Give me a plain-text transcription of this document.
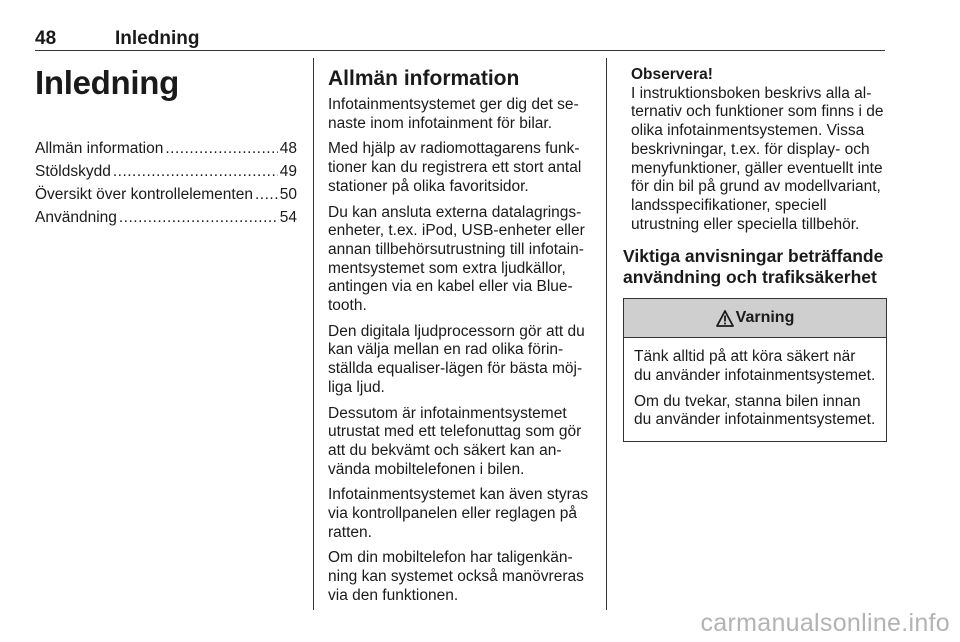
48	Inledning
Inledning
Allmän information .....	48
Stöldskydd .....	49
Översikt över kontrollelementen ..... 50
Användning .....	54
Allmän information

Infotainmentsystemet ger dig det senaste inom infotainment för bilar.

Med hjälp av radiomottagarens funktioner kan du registrera ett stort antal stationer på olika favoritsidor.

Du kan ansluta externa datalagringsenheter, t.ex. iPod, USB-enheter eller annan tillbehörsutrustning till infotainmentsystemet som extra ljudkällor, antingen via en kabel eller via Bluetooth.

Den digitala ljudprocessorn gör att du kan välja mellan en rad olika förinställda equaliser-lägen för bästa möjliga ljud.

Dessutom är infotainmentsystemet utrustat med ett telefonuttag som gör att du bekvämt och säkert kan använda mobiltelefonen i bilen.

Infotainmentsystemet kan även styras via kontrollpanelen eller reglagen på ratten.

Om din mobiltelefon har taligenkänning kan systemet också manövreras via den funktionen.

Observera!

I instruktionsboken beskrivs alla alternativ och funktioner som finns i de olika infotainmentsystemen. Vissa beskrivningar, t.ex. för display- och menyfunktioner, gäller eventuellt inte för din bil på grund av modellvariant, landsspecifikationer, speciell utrustning eller speciella tillbehör.

Viktiga anvisningar beträffande användning och trafiksäkerhet
Varning

Tänk alltid på att köra säkert när du använder infotainmentsystemet.

Om du tvekar, stanna bilen innan du använder infotainmentsystemet.

carmanualsonline.info
